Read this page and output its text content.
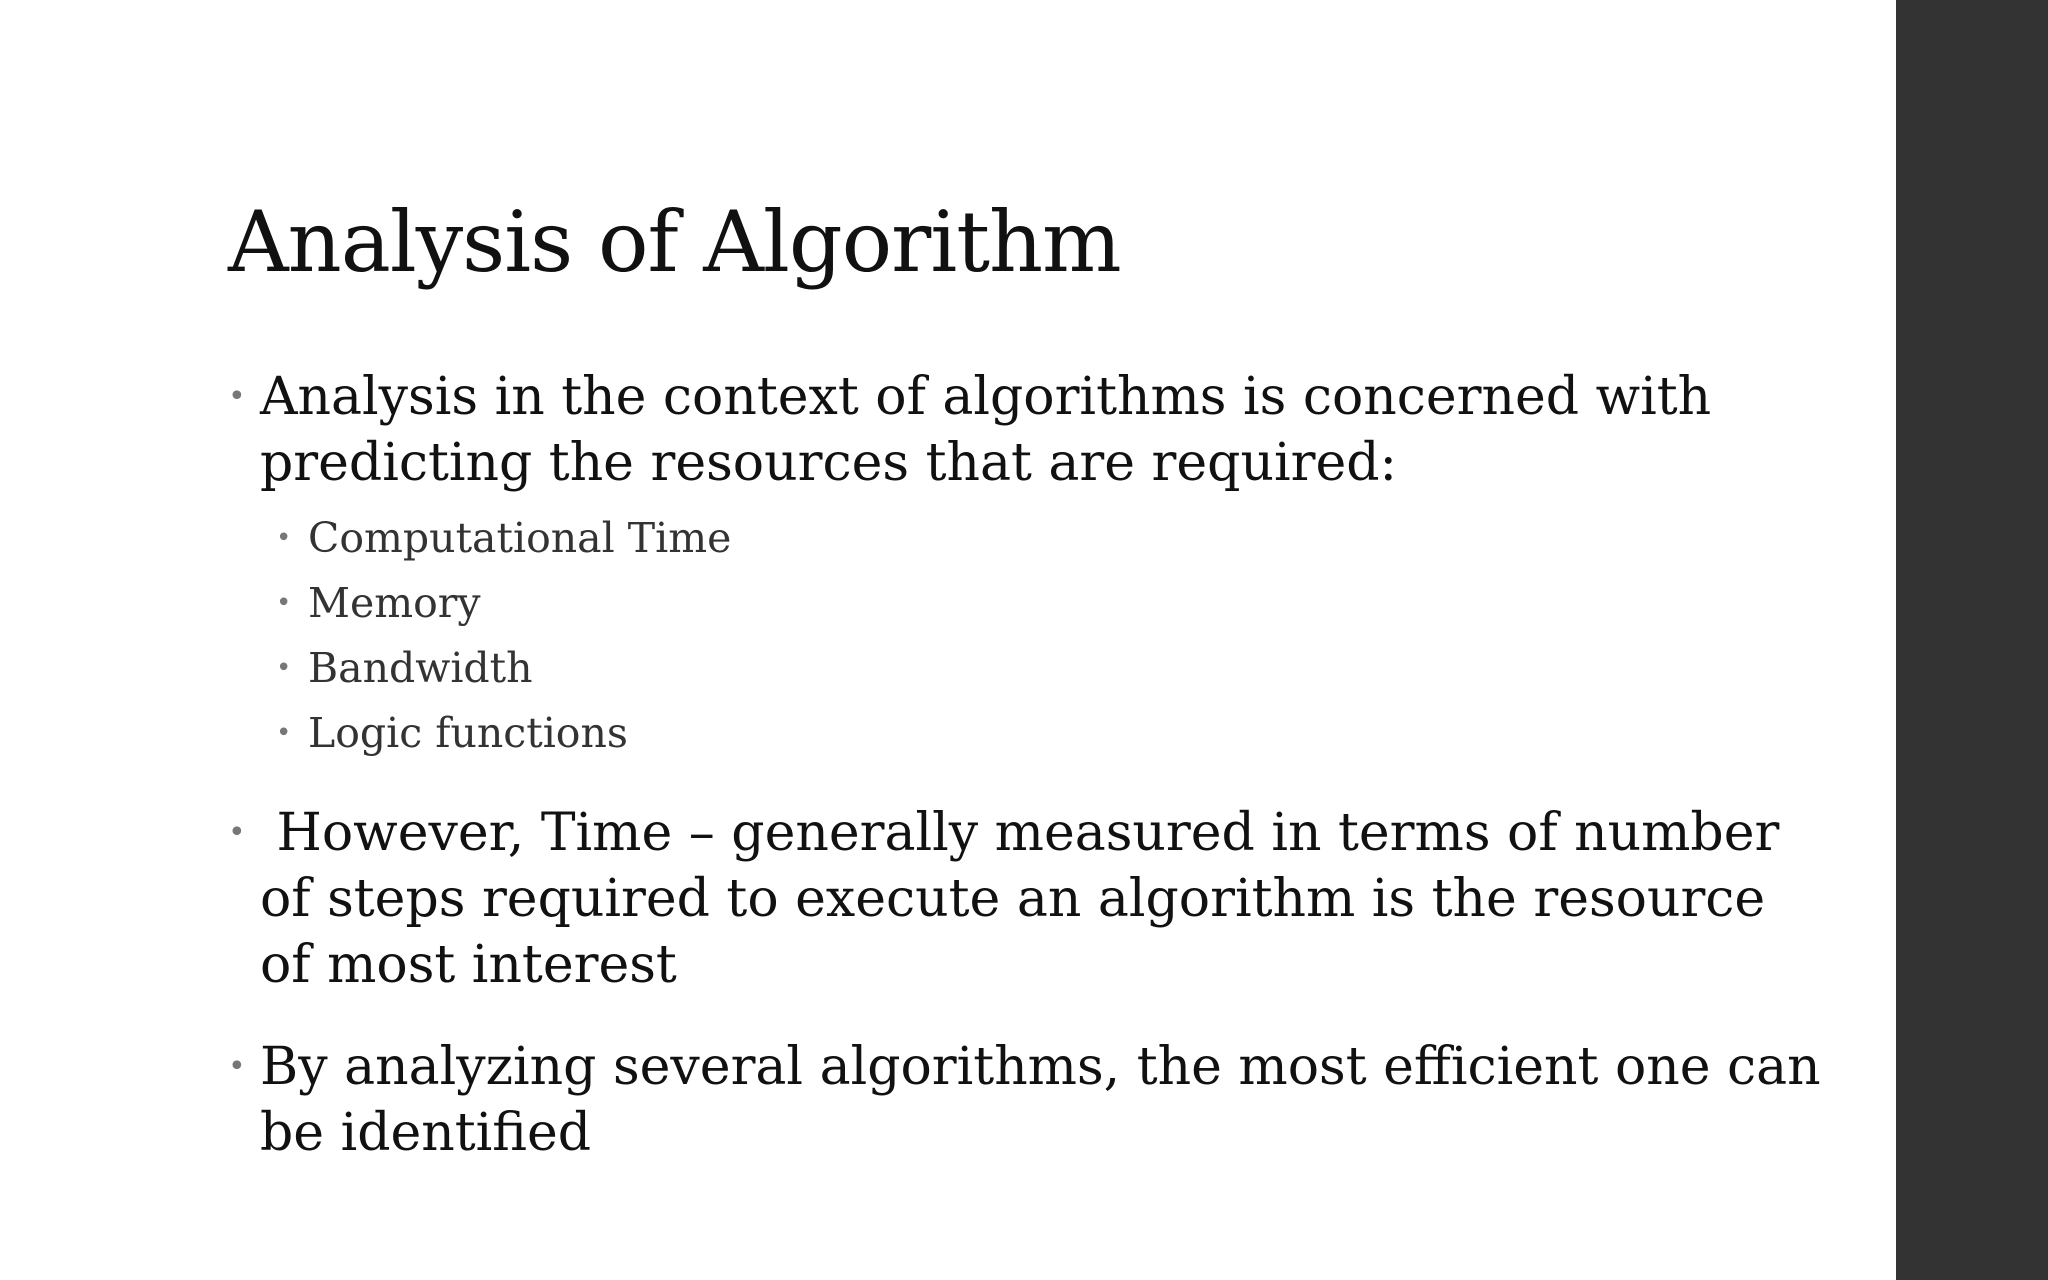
Analysis of Algorithm
• Analysis in the context of algorithms is concerned with predicting the resources that are required:
• Computational Time
• Memory
• Bandwidth
• Logic functions
• However, Time – generally measured in terms of number of steps required to execute an algorithm is the resource of most interest
• By analyzing several algorithms, the most efficient one can be identified
